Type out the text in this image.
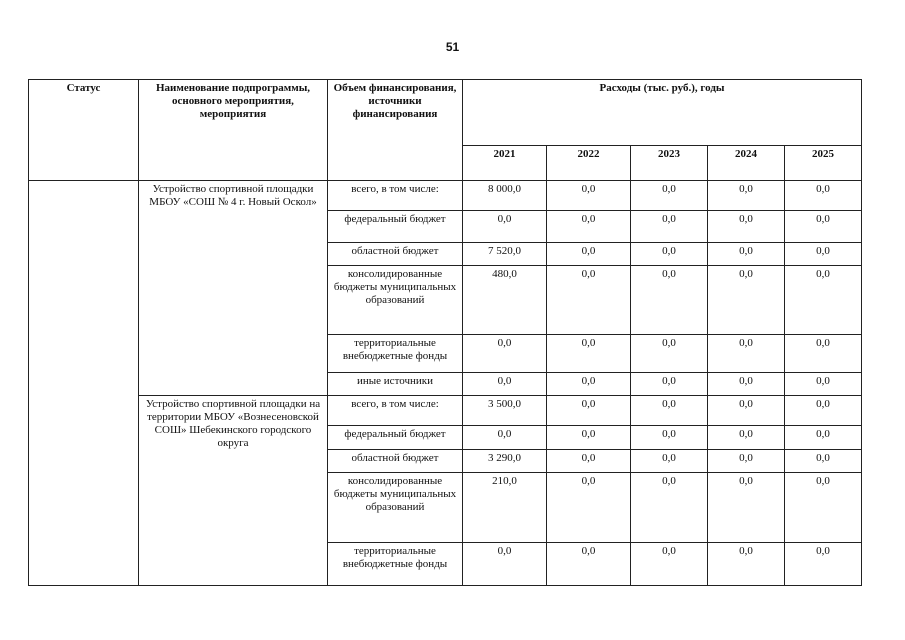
51
Статус	Наименование подпрограммы, основного мероприятия, мероприятия	Объем финансирования, источники финансирования	Расходы (тыс. руб.), годы				
			2021	2022	2023	2024	2025
	Устройство спортивной площадки МБОУ «СОШ № 4 г. Новый Оскол»	всего, в том числе:	8 000,0	0,0	0,0	0,0	0,0
		федеральный бюджет	0,0	0,0	0,0	0,0	0,0
		областной бюджет	7 520,0	0,0	0,0	0,0	0,0
		консолидированные бюджеты муниципальных образований	480,0	0,0	0,0	0,0	0,0
		территориальные внебюджетные фонды	0,0	0,0	0,0	0,0	0,0
		иные источники	0,0	0,0	0,0	0,0	0,0
	Устройство спортивной площадки на территории МБОУ «Вознесеновской СОШ» Шебекинского городского округа	всего, в том числе:	3 500,0	0,0	0,0	0,0	0,0
		федеральный бюджет	0,0	0,0	0,0	0,0	0,0
		областной бюджет	3 290,0	0,0	0,0	0,0	0,0
		консолидированные бюджеты муниципальных образований	210,0	0,0	0,0	0,0	0,0
		территориальные внебюджетные фонды	0,0	0,0	0,0	0,0	0,0
